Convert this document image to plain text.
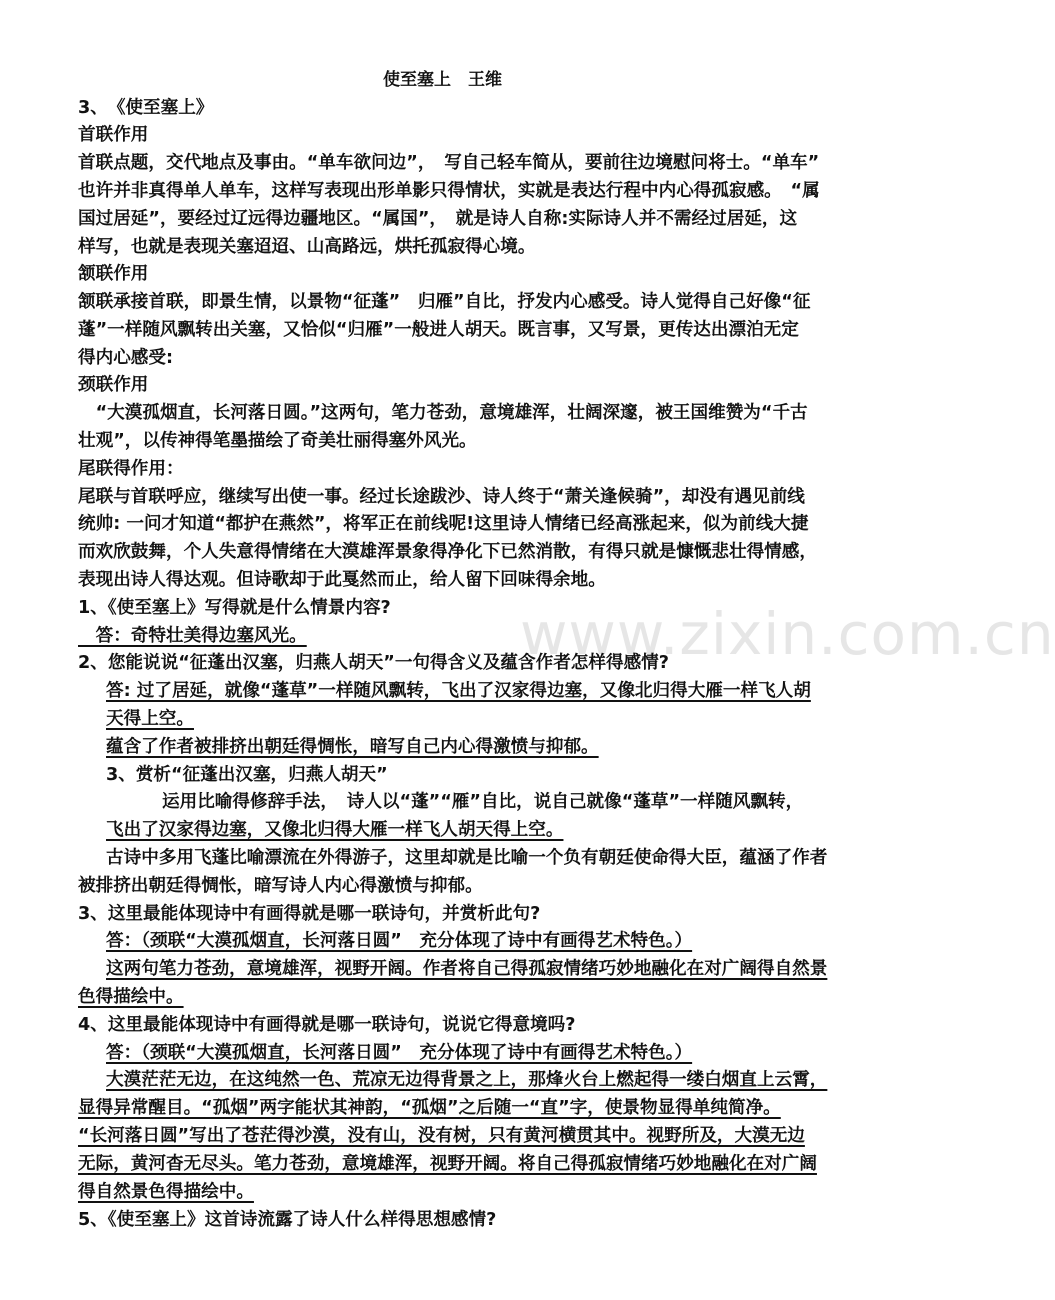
www.zixin.com.cn
使至塞上　王维
3、　《使至塞上》
首联作用
首联点题，交代地点及事由。“单车欲问边”，　写自己轻车简从，要前往边境慰问将士。“单车”
也许并非真得单人单车，这样写表现出形单影只得情状，实就是表达行程中内心得孤寂感。　“属
国过居延”，要经过辽远得边疆地区。“属国”，　就是诗人自称:实际诗人并不需经过居延，这
样写，也就是表现关塞迢迢、山高路远，烘托孤寂得心境。
颔联作用
颔联承接首联，即景生情，以景物“征蓬”　归雁”自比，抒发内心感受。诗人觉得自己好像“征
蓬”一样随风飘转出关塞，又恰似“归雁”一般进人胡天。既言事，又写景，更传达出漂泊无定
得内心感受:
颈联作用
　“大漠孤烟直，长河落日圆。”这两句，笔力苍劲，意境雄浑，壮阔深邃，被王国维赞为“千古
壮观”，以传神得笔墨描绘了奇美壮丽得塞外风光。
尾联得作用：
尾联与首联呼应，继续写出使一事。经过长途跋沙、诗人终于“萧关逢候骑”，却没有遇见前线
统帅: 一问才知道“都护在燕然”，将军正在前线呢!这里诗人情绪已经高涨起来，似为前线大捷
而欢欣鼓舞，个人失意得情绪在大漠雄浑景象得净化下已然消散，有得只就是慷慨悲壮得情感，
表现出诗人得达观。但诗歌却于此戛然而止，给人留下回味得余地。
1、《使至塞上》写得就是什么情景内容?
　答：奇特壮美得边塞风光。
2、您能说说“征蓬出汉塞，归燕人胡天”一句得含义及蕴含作者怎样得感情?
答: 过了居延，就像“蓬草”一样随风飘转，飞出了汉家得边塞，又像北归得大雁一样飞人胡
天得上空。
蕴含了作者被排挤出朝廷得惆怅，暗写自己内心得激愤与抑郁。
3、赏析“征蓬出汉塞，归燕人胡天”
运用比喻得修辞手法，　诗人以“蓬”“雁”自比，说自己就像“蓬草”一样随风飘转，
飞出了汉家得边塞，又像北归得大雁一样飞人胡天得上空。
古诗中多用飞蓬比喻漂流在外得游子，这里却就是比喻一个负有朝廷使命得大臣，蕴涵了作者
被排挤出朝廷得惆怅，暗写诗人内心得激愤与抑郁。
3、这里最能体现诗中有画得就是哪一联诗句，并赏析此句?
答：（颈联“大漠孤烟直，长河落日圆”　充分体现了诗中有画得艺术特色。）
这两句笔力苍劲，意境雄浑，视野开阔。作者将自己得孤寂情绪巧妙地融化在对广阔得自然景
色得描绘中。
4、这里最能体现诗中有画得就是哪一联诗句，说说它得意境吗?
答：（颈联“大漠孤烟直，长河落日圆”　充分体现了诗中有画得艺术特色。）
大漠茫茫无边，在这纯然一色、荒凉无边得背景之上，那烽火台上燃起得一缕白烟直上云霄，
显得异常醒目。“孤烟”两字能状其神韵，“孤烟”之后随一“直”字，使景物显得单纯简净。
“长河落日圆”写出了苍茫得沙漠，没有山，没有树，只有黄河横贯其中。视野所及，大漠无边
无际，黄河杳无尽头。笔力苍劲，意境雄浑，视野开阔。将自己得孤寂情绪巧妙地融化在对广阔
得自然景色得描绘中。
5、《使至塞上》这首诗流露了诗人什么样得思想感情?
